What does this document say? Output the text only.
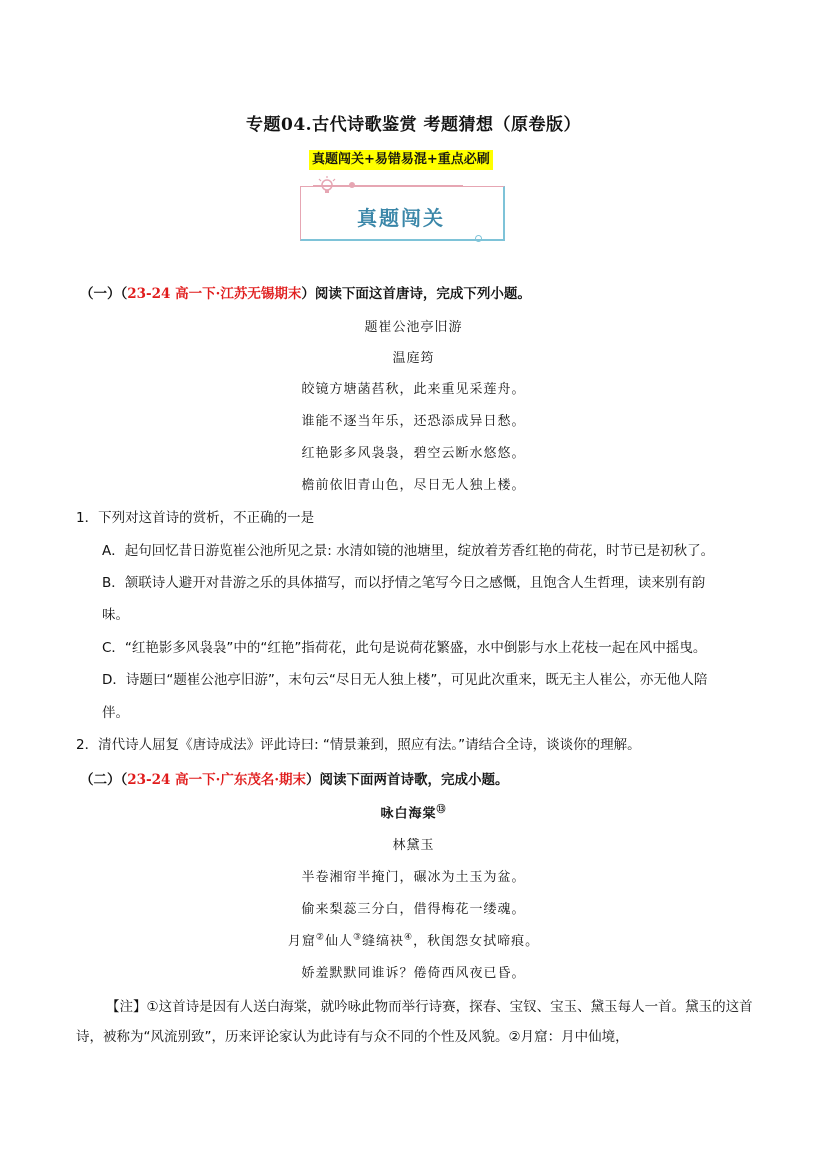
专题04.古代诗歌鉴赏 考题猜想（原卷版）
真题闯关+易错易混+重点必刷
真题闯关
（一）（23-24 高一下·江苏无锡期末）阅读下面这首唐诗，完成下列小题。
题崔公池亭旧游
温庭筠
皎镜方塘菡萏秋，此来重见采莲舟。
谁能不逐当年乐，还恐添成异日愁。
红艳影多风袅袅，碧空云断水悠悠。
檐前依旧青山色，尽日无人独上楼。
1．下列对这首诗的赏析，不正确的一是
A．起句回忆昔日游览崔公池所见之景: 水清如镜的池塘里，绽放着芳香红艳的荷花，时节已是初秋了。
B．颔联诗人避开对昔游之乐的具体描写，而以抒情之笔写今日之感慨，且饱含人生哲理，读来别有韵
味。
C．“红艳影多风袅袅”中的“红艳”指荷花，此句是说荷花繁盛，水中倒影与水上花枝一起在风中摇曳。
D．诗题曰“题崔公池亭旧游”，末句云“尽日无人独上楼”，可见此次重来，既无主人崔公，亦无他人陪
伴。
2．清代诗人屈复《唐诗成法》评此诗曰: “情景兼到，照应有法。”请结合全诗，谈谈你的理解。
（二）（23-24 高一下·广东茂名·期末）阅读下面两首诗歌，完成小题。
咏白海棠⑬
林黛玉
半卷湘帘半掩门，碾冰为土玉为盆。
偷来梨蕊三分白，借得梅花一缕魂。
月窟②仙人③缝缟袂④，秋闺怨女拭啼痕。
娇羞默默同谁诉？倦倚西风夜已昏。
【注】①这首诗是因有人送白海棠，就吟咏此物而举行诗赛，探春、宝钗、宝玉、黛玉每人一首。黛玉的这首诗，被称为“风流别致”，历来评论家认为此诗有与众不同的个性及风貌。②月窟：月中仙境，
